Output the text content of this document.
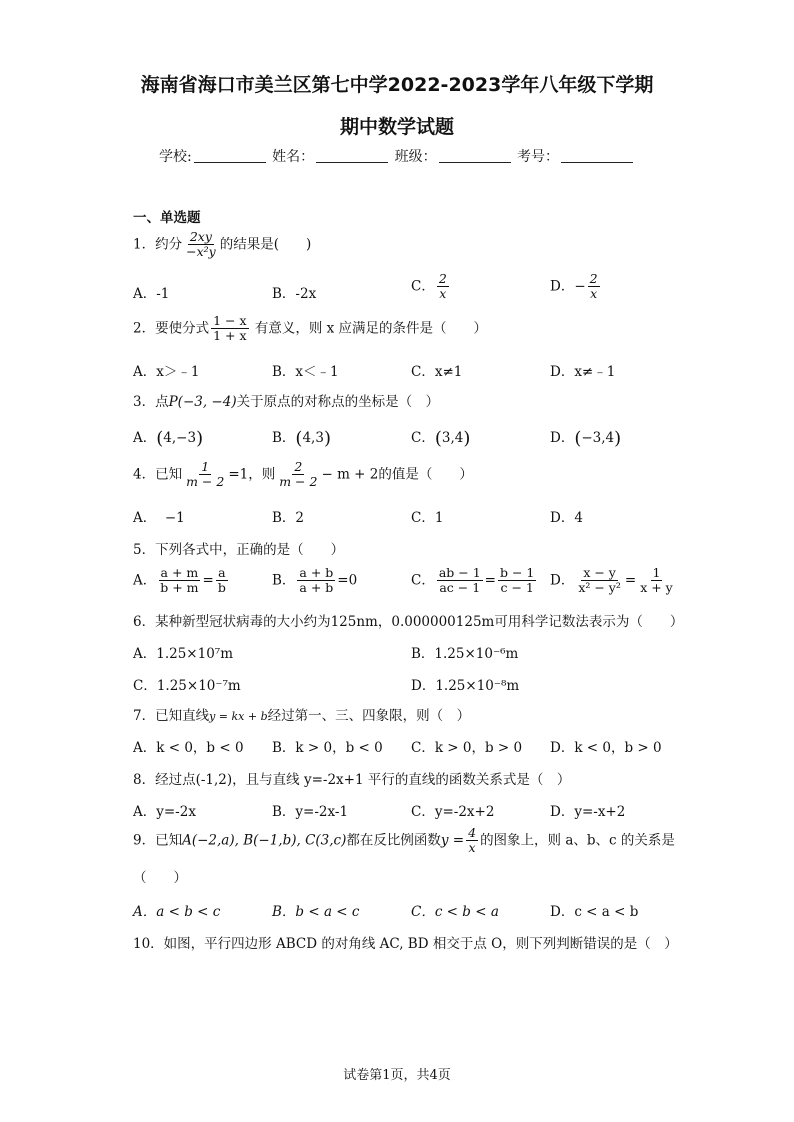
海南省海口市美兰区第七中学2022-2023学年八年级下学期
期中数学试题
学校:	姓名：	班级：	考号：
一、单选题
1．约分 $\frac{2xy}{\text{−x²y}}$ 的结果是(　　)
A．-1	B．-2x	C． $\frac{2}{x}$	D．− $\frac{2}{x}$
2．要使分式 $\frac{1 - x}{1 + x}$ 有意义，则 x 应满足的条件是（　　）
A．x＞﹣1	B．x＜﹣1	C．x≠1	D．x≠﹣1
3．点P(−3, −4)关于原点的对称点的坐标是（　）
A．(4,−3)	B．(4,3)	C．(3,4)	D．(−3,4)
4．已知 $\frac{1}{m - 2} =1$，则 $\frac{2}{m - 2} - m + 2$的值是（　　）
A． −1	B．2	C．1	D．4
5．下列各式中，正确的是（　　）
A． $\frac{a + m}{b + m} = \frac{a}{b}$	B． $\frac{a + b}{a + b} =0$	C． $\frac{ab - 1}{ac - 1} = \frac{b - 1}{c - 1}$ D． $\frac{x - y}{\text{x² − y²}} = \frac{1}{x + y}$
6．某种新型冠状病毒的大小约为125nm，0.000000125m可用科学记数法表示为（　　）
A．1.25×10⁷m	B．1.25×10⁻⁶m
C．1.25×10⁻⁷m	D．1.25×10⁻⁸m
7．已知直线y = kx + b经过第一、三、四象限，则（　）
A．k < 0，b < 0 B．k > 0，b < 0 C．k > 0，b > 0 D．k < 0，b > 0
8．经过点(-1,2)，且与直线 y=-2x+1 平行的直线的函数关系式是（　）
A．y=-2x	B．y=-2x-1	C．y=-2x+2	D．y=-x+2
9．已知A(−2,a), B(−1,b), C(3,c)都在反比例函数$y = \frac{4}{x}$ 的图象上，则 a、b、c 的关系是
（　　）
A．a < b < c	B．b < a < c	C．c < b < a	D．c < a < b
10．如图，平行四边形 ABCD 的对角线 AC, BD 相交于点 O，则下列判断错误的是（　）
试卷第1页，共4页
